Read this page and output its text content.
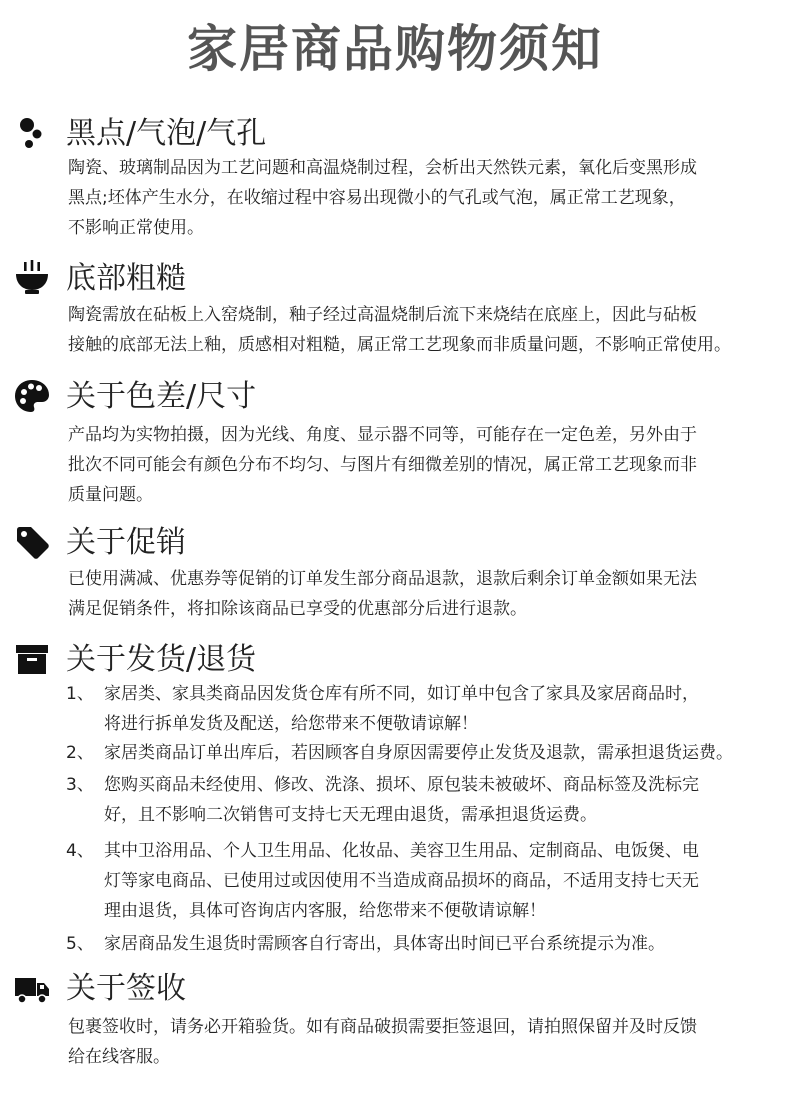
家居商品购物须知
黑点/气泡/气孔
陶瓷、玻璃制品因为工艺问题和高温烧制过程，会析出天然铁元素，氧化后变黑形成
黑点;坯体产生水分，在收缩过程中容易出现微小的气孔或气泡，属正常工艺现象，
不影响正常使用。
底部粗糙
陶瓷需放在砧板上入窑烧制，釉子经过高温烧制后流下来烧结在底座上，因此与砧板
接触的底部无法上釉，质感相对粗糙，属正常工艺现象而非质量问题，不影响正常使用。
关于色差/尺寸
产品均为实物拍摄，因为光线、角度、显示器不同等，可能存在一定色差，另外由于
批次不同可能会有颜色分布不均匀、与图片有细微差别的情况，属正常工艺现象而非
质量问题。
关于促销
已使用满减、优惠券等促销的订单发生部分商品退款，退款后剩余订单金额如果无法
满足促销条件，将扣除该商品已享受的优惠部分后进行退款。
关于发货/退货
1、 家居类、家具类商品因发货仓库有所不同，如订单中包含了家具及家居商品时，
将进行拆单发货及配送，给您带来不便敬请谅解！
2、 家居类商品订单出库后，若因顾客自身原因需要停止发货及退款，需承担退货运费。
3、 您购买商品未经使用、修改、洗涤、损坏、原包装未被破坏、商品标签及洗标完
好，且不影响二次销售可支持七天无理由退货，需承担退货运费。
4、 其中卫浴用品、个人卫生用品、化妆品、美容卫生用品、定制商品、电饭煲、电
灯等家电商品、已使用过或因使用不当造成商品损坏的商品，不适用支持七天无
理由退货，具体可咨询店内客服，给您带来不便敬请谅解！
5、 家居商品发生退货时需顾客自行寄出，具体寄出时间已平台系统提示为准。
关于签收
包裹签收时，请务必开箱验货。如有商品破损需要拒签退回，请拍照保留并及时反馈
给在线客服。
